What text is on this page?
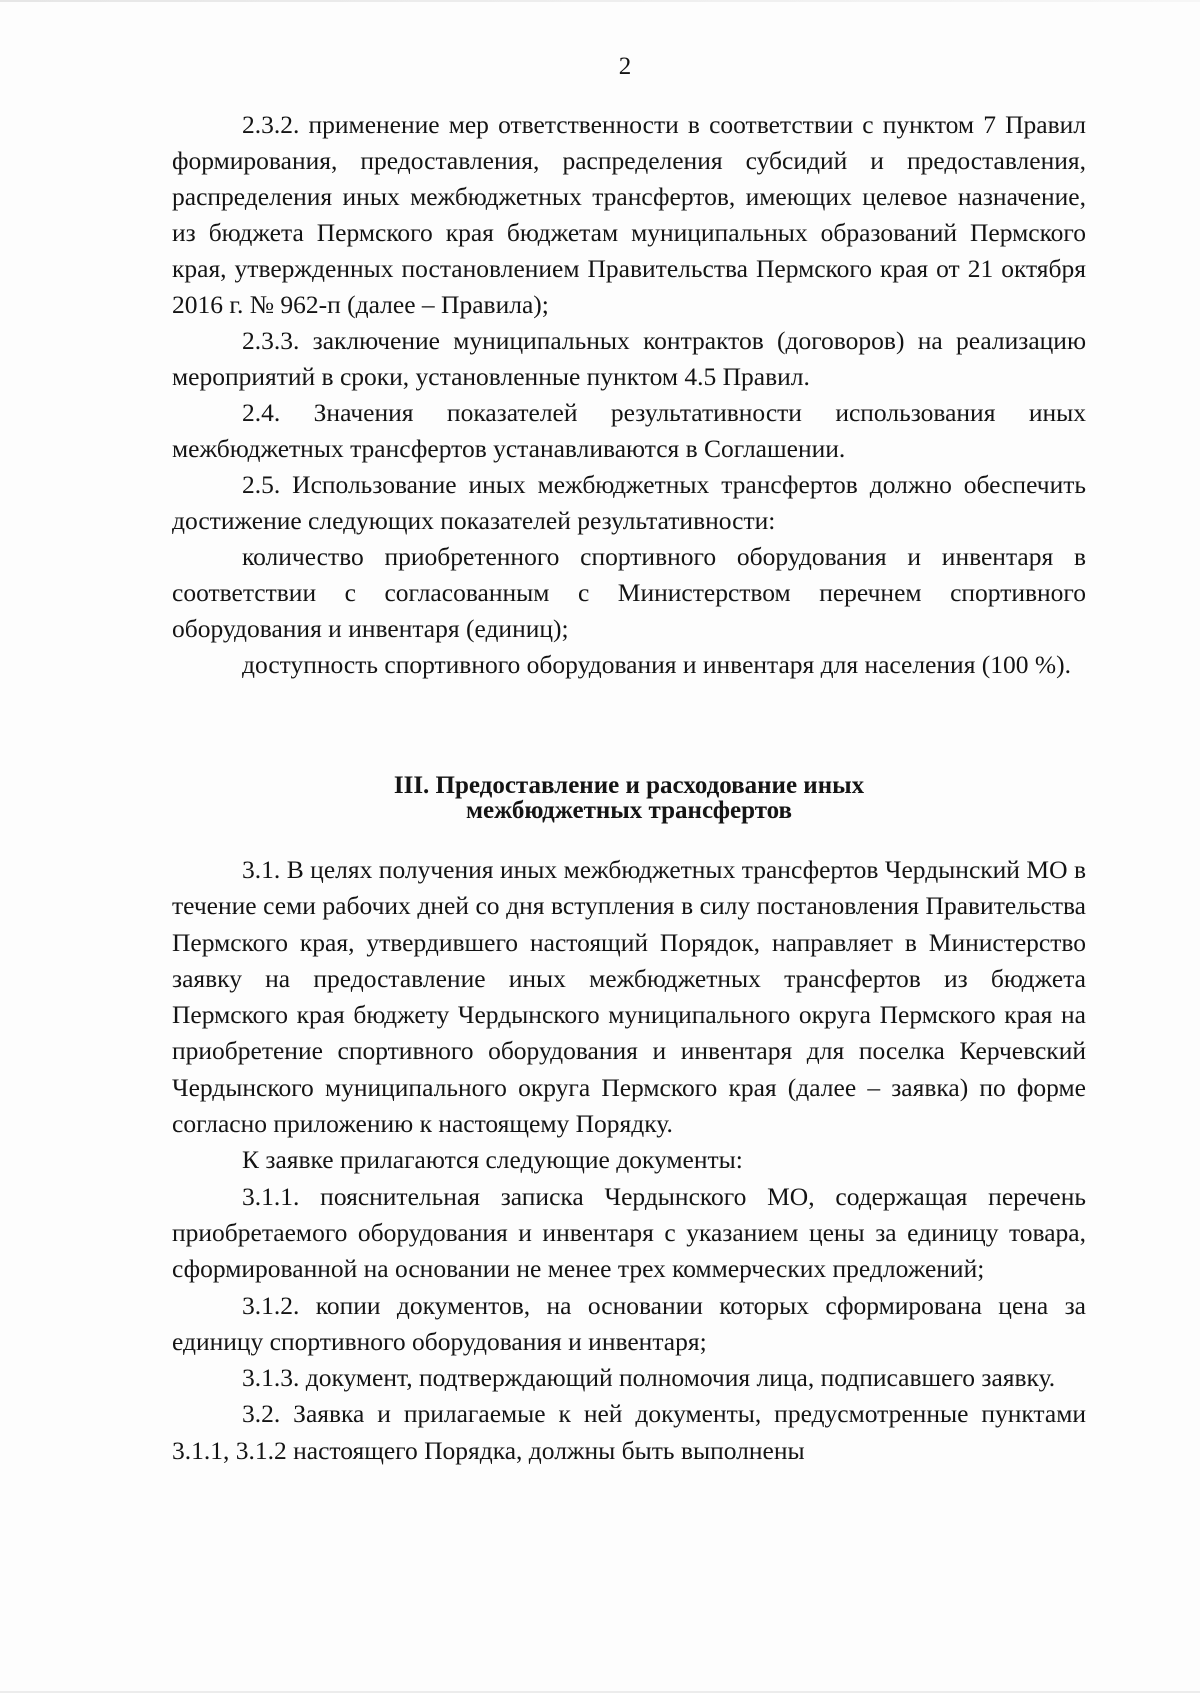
2

2.3.2. применение мер ответственности в соответствии с пунктом 7 Правил формирования, предоставления, распределения субсидий и предоставления, распределения иных межбюджетных трансфертов, имеющих целевое назначение, из бюджета Пермского края бюджетам муниципальных образований Пермского края, утвержденных постановлением Правительства Пермского края от 21 октября 2016 г. № 962-п (далее – Правила);

2.3.3. заключение муниципальных контрактов (договоров) на реализацию мероприятий в сроки, установленные пунктом 4.5 Правил.

2.4. Значения показателей результативности использования иных межбюджетных трансфертов устанавливаются в Соглашении.

2.5. Использование иных межбюджетных трансфертов должно обеспечить достижение следующих показателей результативности:

количество приобретенного спортивного оборудования и инвентаря в соответствии с согласованным с Министерством перечнем спортивного оборудования и инвентаря (единиц);

доступность спортивного оборудования и инвентаря для населения (100 %).

III. Предоставление и расходование иных
межбюджетных трансфертов

3.1. В целях получения иных межбюджетных трансфертов Чердынский МО в течение семи рабочих дней со дня вступления в силу постановления Правительства Пермского края, утвердившего настоящий Порядок, направляет в Министерство заявку на предоставление иных межбюджетных трансфертов из бюджета Пермского края бюджету Чердынского муниципального округа Пермского края на приобретение спортивного оборудования и инвентаря для поселка Керчевский Чердынского муниципального округа Пермского края (далее – заявка) по форме согласно приложению к настоящему Порядку.

К заявке прилагаются следующие документы:

3.1.1. пояснительная записка Чердынского МО, содержащая перечень приобретаемого оборудования и инвентаря с указанием цены за единицу товара, сформированной на основании не менее трех коммерческих предложений;

3.1.2. копии документов, на основании которых сформирована цена за единицу спортивного оборудования и инвентаря;

3.1.3. документ, подтверждающий полномочия лица, подписавшего заявку.

3.2. Заявка и прилагаемые к ней документы, предусмотренные пунктами 3.1.1, 3.1.2 настоящего Порядка, должны быть выполнены
